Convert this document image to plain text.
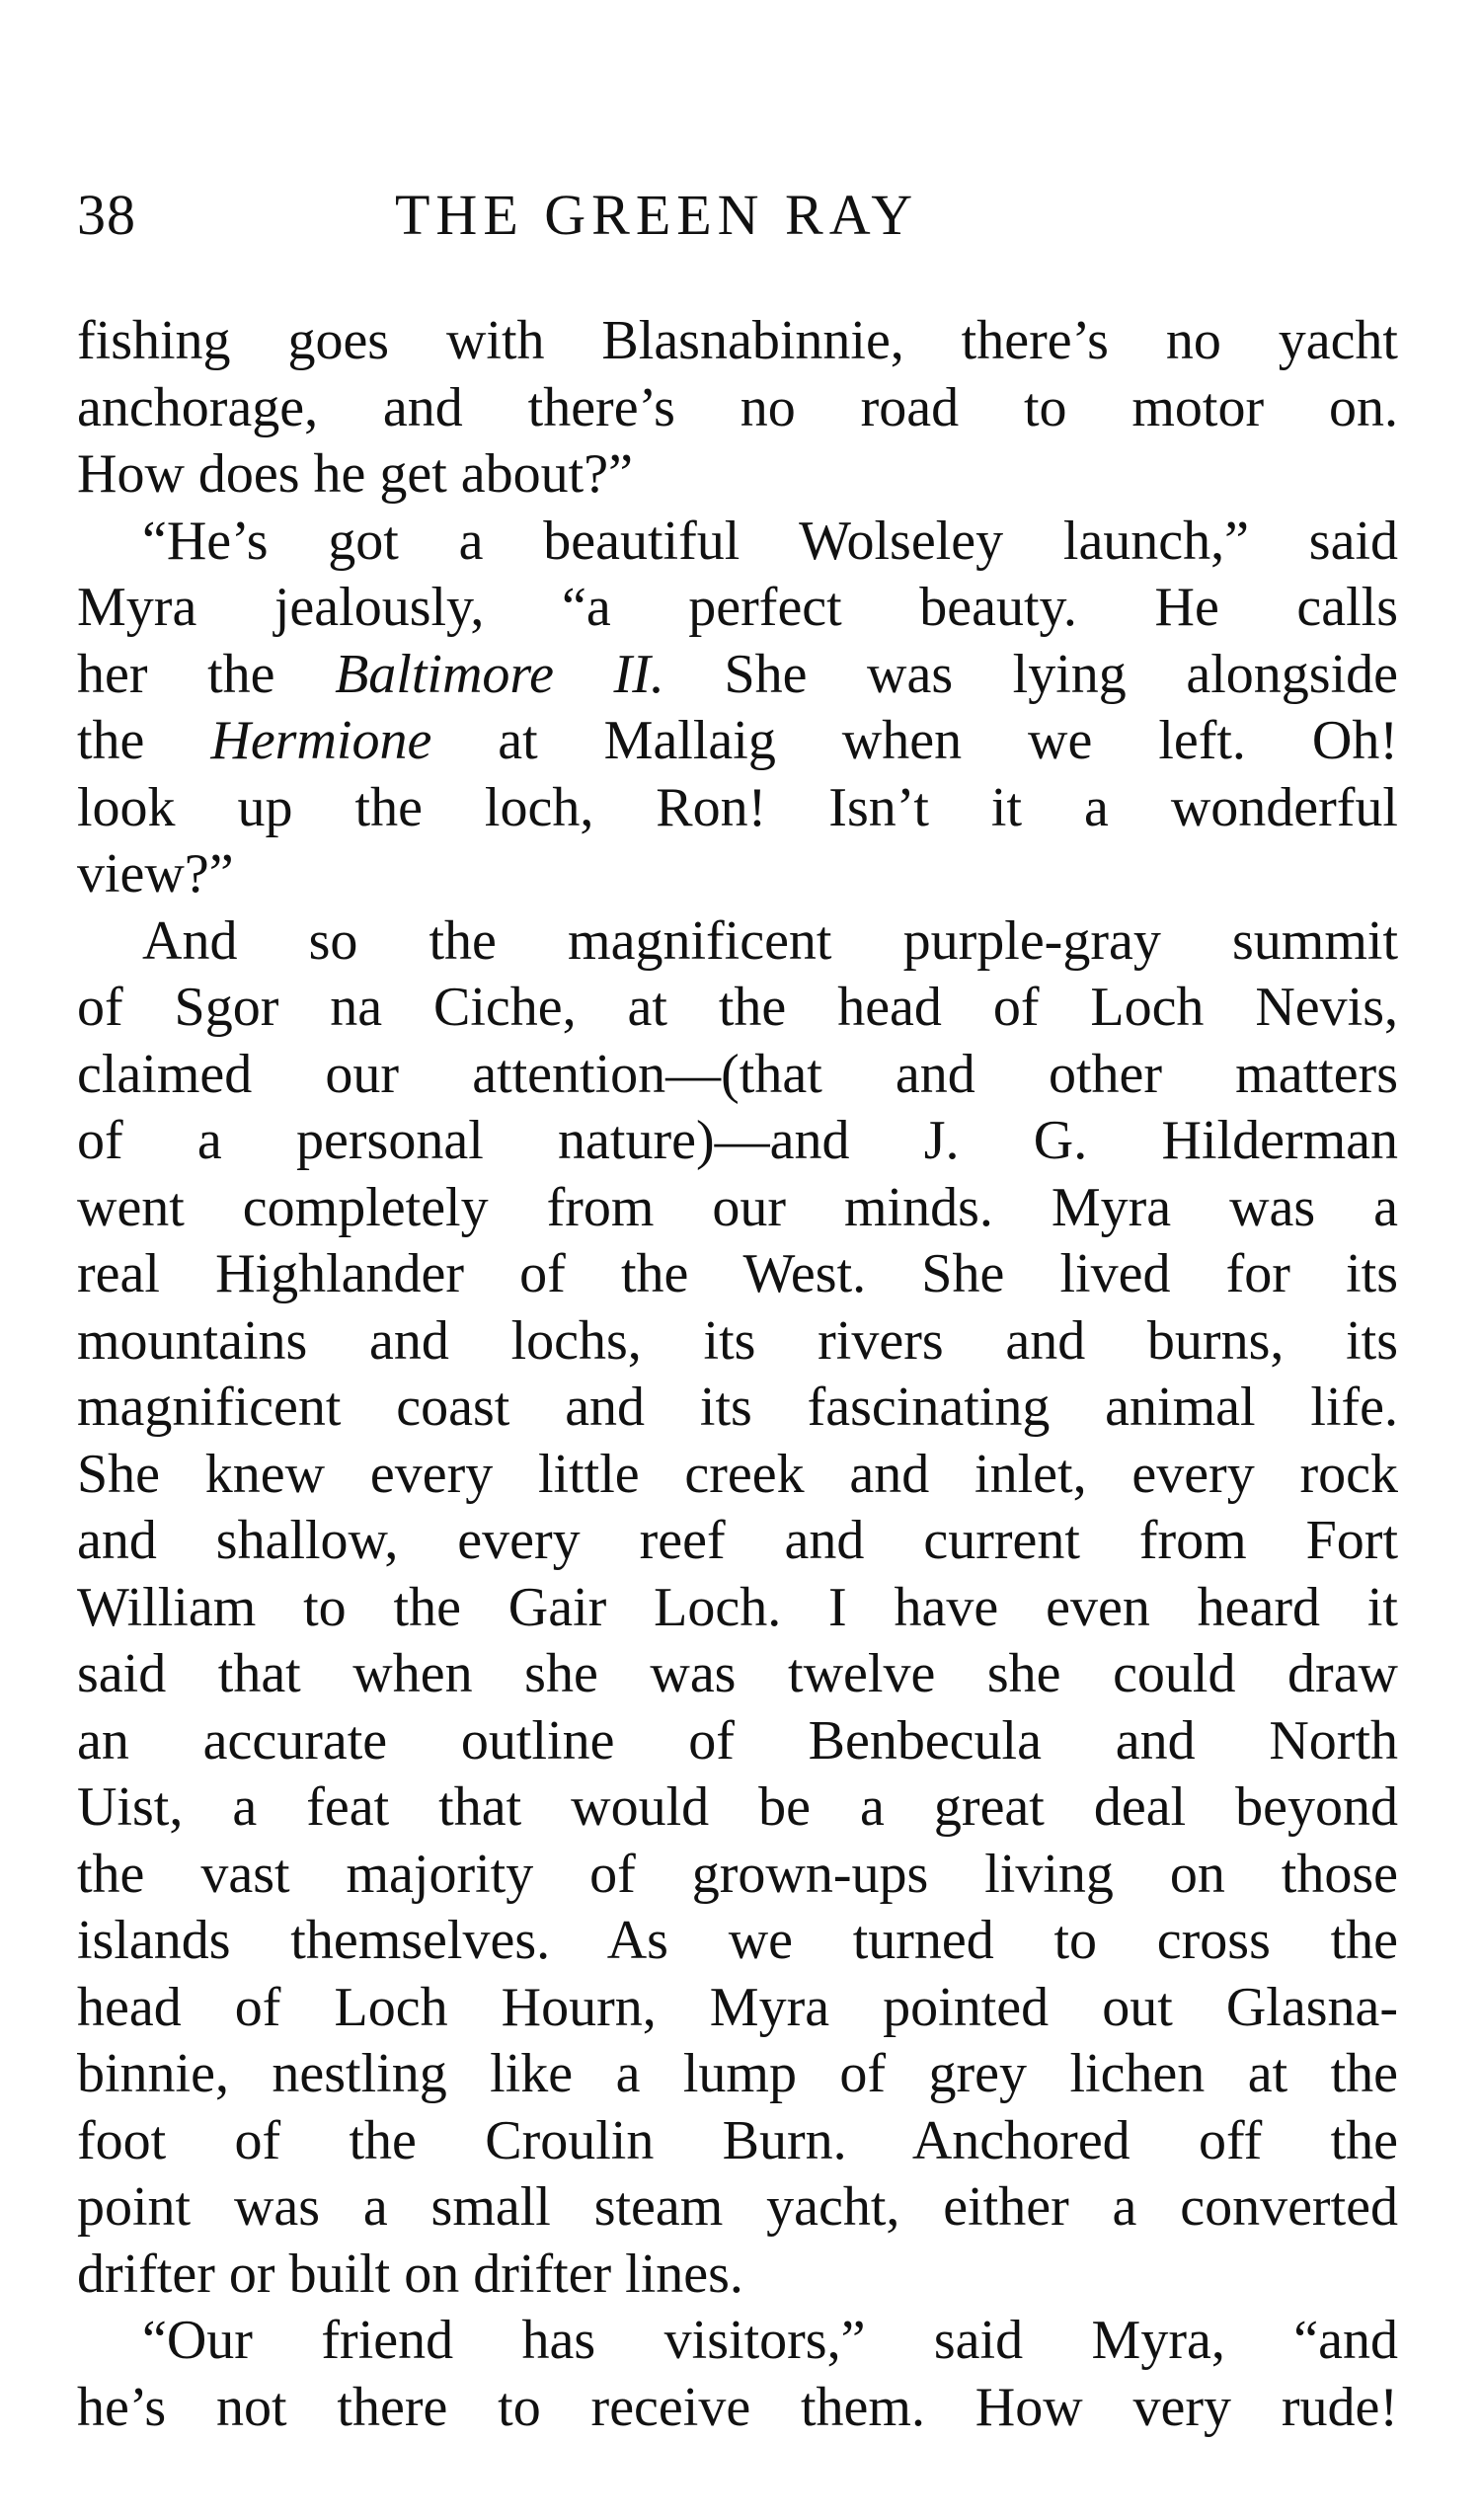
38	THE GREEN RAY
fishing goes with Blasnabinnie, there’s no yacht
anchorage, and there’s no road to motor on.
How does he get about?”
“He’s got a beautiful Wolseley launch,” said
Myra jealously, “a perfect beauty. He calls
her the Baltimore II. She was lying alongside
the Hermione at Mallaig when we left. Oh!
look up the loch, Ron! Isn’t it a wonderful
view?”
And so the magnificent purple-gray summit
of Sgor na Ciche, at the head of Loch Nevis,
claimed our attention—(that and other matters
of a personal nature)—and J. G. Hilderman
went completely from our minds. Myra was a
real Highlander of the West. She lived for its
mountains and lochs, its rivers and burns, its
magnificent coast and its fascinating animal life.
She knew every little creek and inlet, every rock
and shallow, every reef and current from Fort
William to the Gair Loch. I have even heard it
said that when she was twelve she could draw
an accurate outline of Benbecula and North
Uist, a feat that would be a great deal beyond
the vast majority of grown-ups living on those
islands themselves. As we turned to cross the
head of Loch Hourn, Myra pointed out Glasna-
binnie, nestling like a lump of grey lichen at the
foot of the Croulin Burn. Anchored off the
point was a small steam yacht, either a converted
drifter or built on drifter lines.
“Our friend has visitors,” said Myra, “and
he’s not there to receive them. How very rude!
